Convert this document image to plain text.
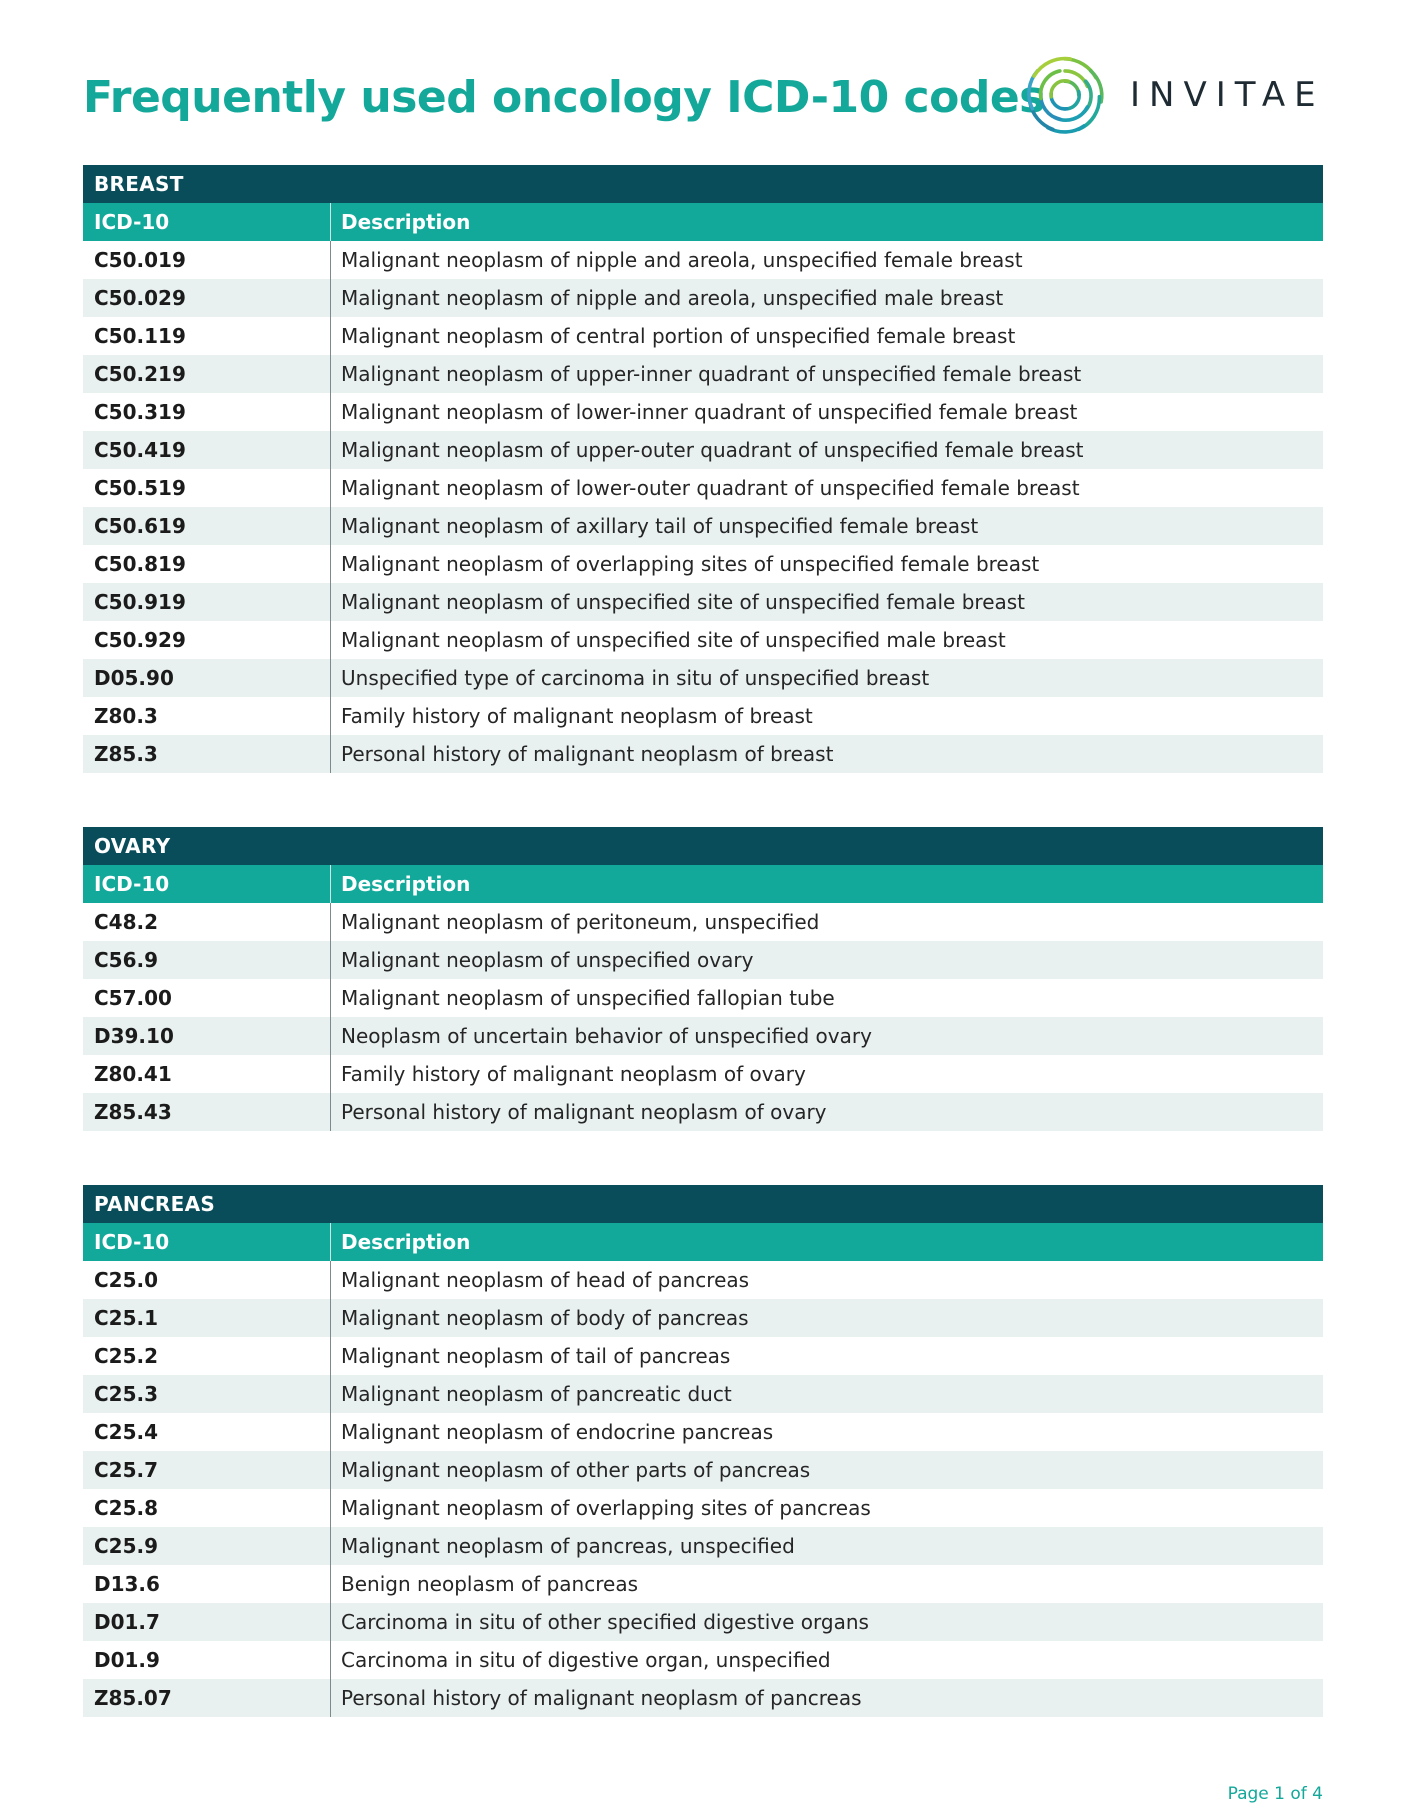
Frequently used oncology ICD-10 codes	INVITAE
BREAST
ICD-10	Description
C50.019	Malignant neoplasm of nipple and areola, unspecified female breast
C50.029	Malignant neoplasm of nipple and areola, unspecified male breast
C50.119	Malignant neoplasm of central portion of unspecified female breast
C50.219	Malignant neoplasm of upper-inner quadrant of unspecified female breast
C50.319	Malignant neoplasm of lower-inner quadrant of unspecified female breast
C50.419	Malignant neoplasm of upper-outer quadrant of unspecified female breast
C50.519	Malignant neoplasm of lower-outer quadrant of unspecified female breast
C50.619	Malignant neoplasm of axillary tail of unspecified female breast
C50.819	Malignant neoplasm of overlapping sites of unspecified female breast
C50.919	Malignant neoplasm of unspecified site of unspecified female breast
C50.929	Malignant neoplasm of unspecified site of unspecified male breast
D05.90	Unspecified type of carcinoma in situ of unspecified breast
Z80.3	Family history of malignant neoplasm of breast
Z85.3	Personal history of malignant neoplasm of breast
OVARY
ICD-10	Description
C48.2	Malignant neoplasm of peritoneum, unspecified
C56.9	Malignant neoplasm of unspecified ovary
C57.00	Malignant neoplasm of unspecified fallopian tube
D39.10	Neoplasm of uncertain behavior of unspecified ovary
Z80.41	Family history of malignant neoplasm of ovary
Z85.43	Personal history of malignant neoplasm of ovary
PANCREAS
ICD-10	Description
C25.0	Malignant neoplasm of head of pancreas
C25.1	Malignant neoplasm of body of pancreas
C25.2	Malignant neoplasm of tail of pancreas
C25.3	Malignant neoplasm of pancreatic duct
C25.4	Malignant neoplasm of endocrine pancreas
C25.7	Malignant neoplasm of other parts of pancreas
C25.8	Malignant neoplasm of overlapping sites of pancreas
C25.9	Malignant neoplasm of pancreas, unspecified
D13.6	Benign neoplasm of pancreas
D01.7	Carcinoma in situ of other specified digestive organs
D01.9	Carcinoma in situ of digestive organ, unspecified
Z85.07	Personal history of malignant neoplasm of pancreas
Page 1 of 4
